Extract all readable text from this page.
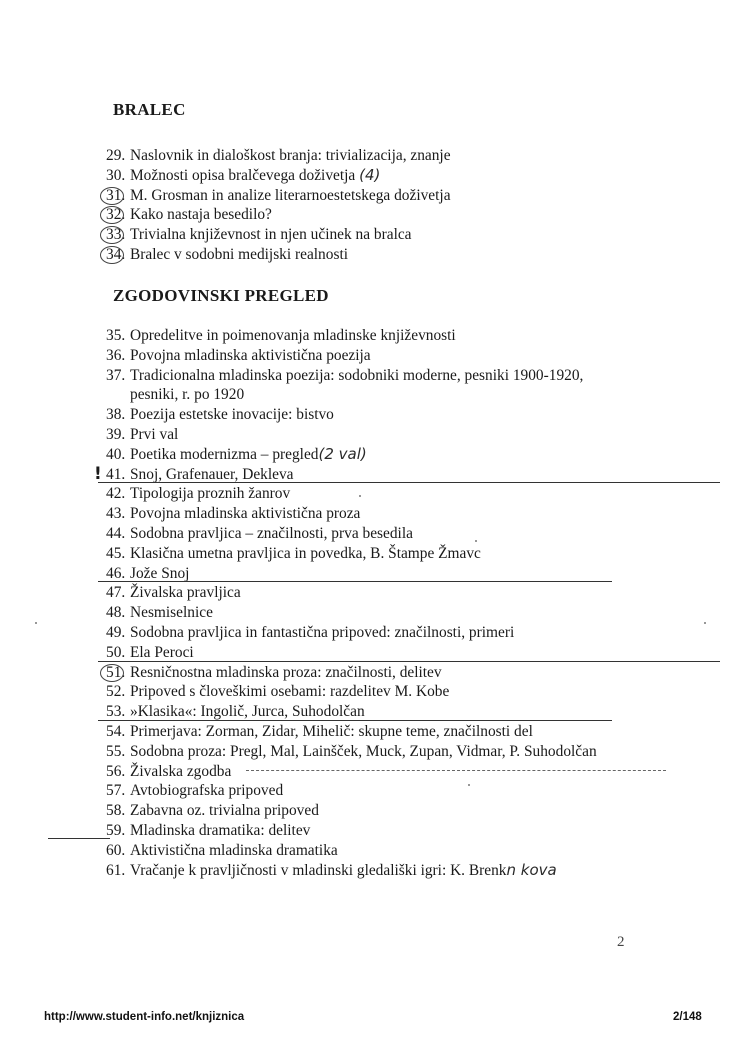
BRALEC
29. Naslovnik in dialoškost branja: trivializacija, znanje
30. Možnosti opisa bralčevega doživetja (4)
31. M. Grosman in analize literarnoestetskega doživetja
32. Kako nastaja besedilo?
33. Trivialna književnost in njen učinek na bralca
34. Bralec v sodobni medijski realnosti
ZGODOVINSKI PREGLED
35. Opredelitve in poimenovanja mladinske književnosti
36. Povojna mladinska aktivistična poezija
37. Tradicionalna mladinska poezija: sodobniki moderne, pesniki 1900-1920, pesniki, r. po 1920
38. Poezija estetske inovacije: bistvo
39. Prvi val
40. Poetika modernizma – pregled(2 val)
! 41. Snoj, Grafenauer, Dekleva
42. Tipologija proznih žanrov
43. Povojna mladinska aktivistična proza
44. Sodobna pravljica – značilnosti, prva besedila
45. Klasična umetna pravljica in povedka, B. Štampe Žmavc
46. Jože Snoj
47. Živalska pravljica
48. Nesmiselnice
49. Sodobna pravljica in fantastična pripoved: značilnosti, primeri
50. Ela Peroci
51. Resničnostna mladinska proza: značilnosti, delitev
52. Pripoved s človeškimi osebami: razdelitev M. Kobe
53. »Klasika«: Ingolič, Jurca, Suhodolčan
54. Primerjava: Zorman, Zidar, Mihelič: skupne teme, značilnosti del
55. Sodobna proza: Pregl, Mal, Lainšček, Muck, Zupan, Vidmar, P. Suhodolčan
56. Živalska zgodba
57. Avtobiografska pripoved
58. Zabavna oz. trivialna pripoved
59. Mladinska dramatika: delitev
60. Aktivistična mladinska dramatika
61. Vračanje k pravljičnosti v mladinski gledališki igri: K. Brenkn kova
2
http://www.student-info.net/knjiznica	2/148
